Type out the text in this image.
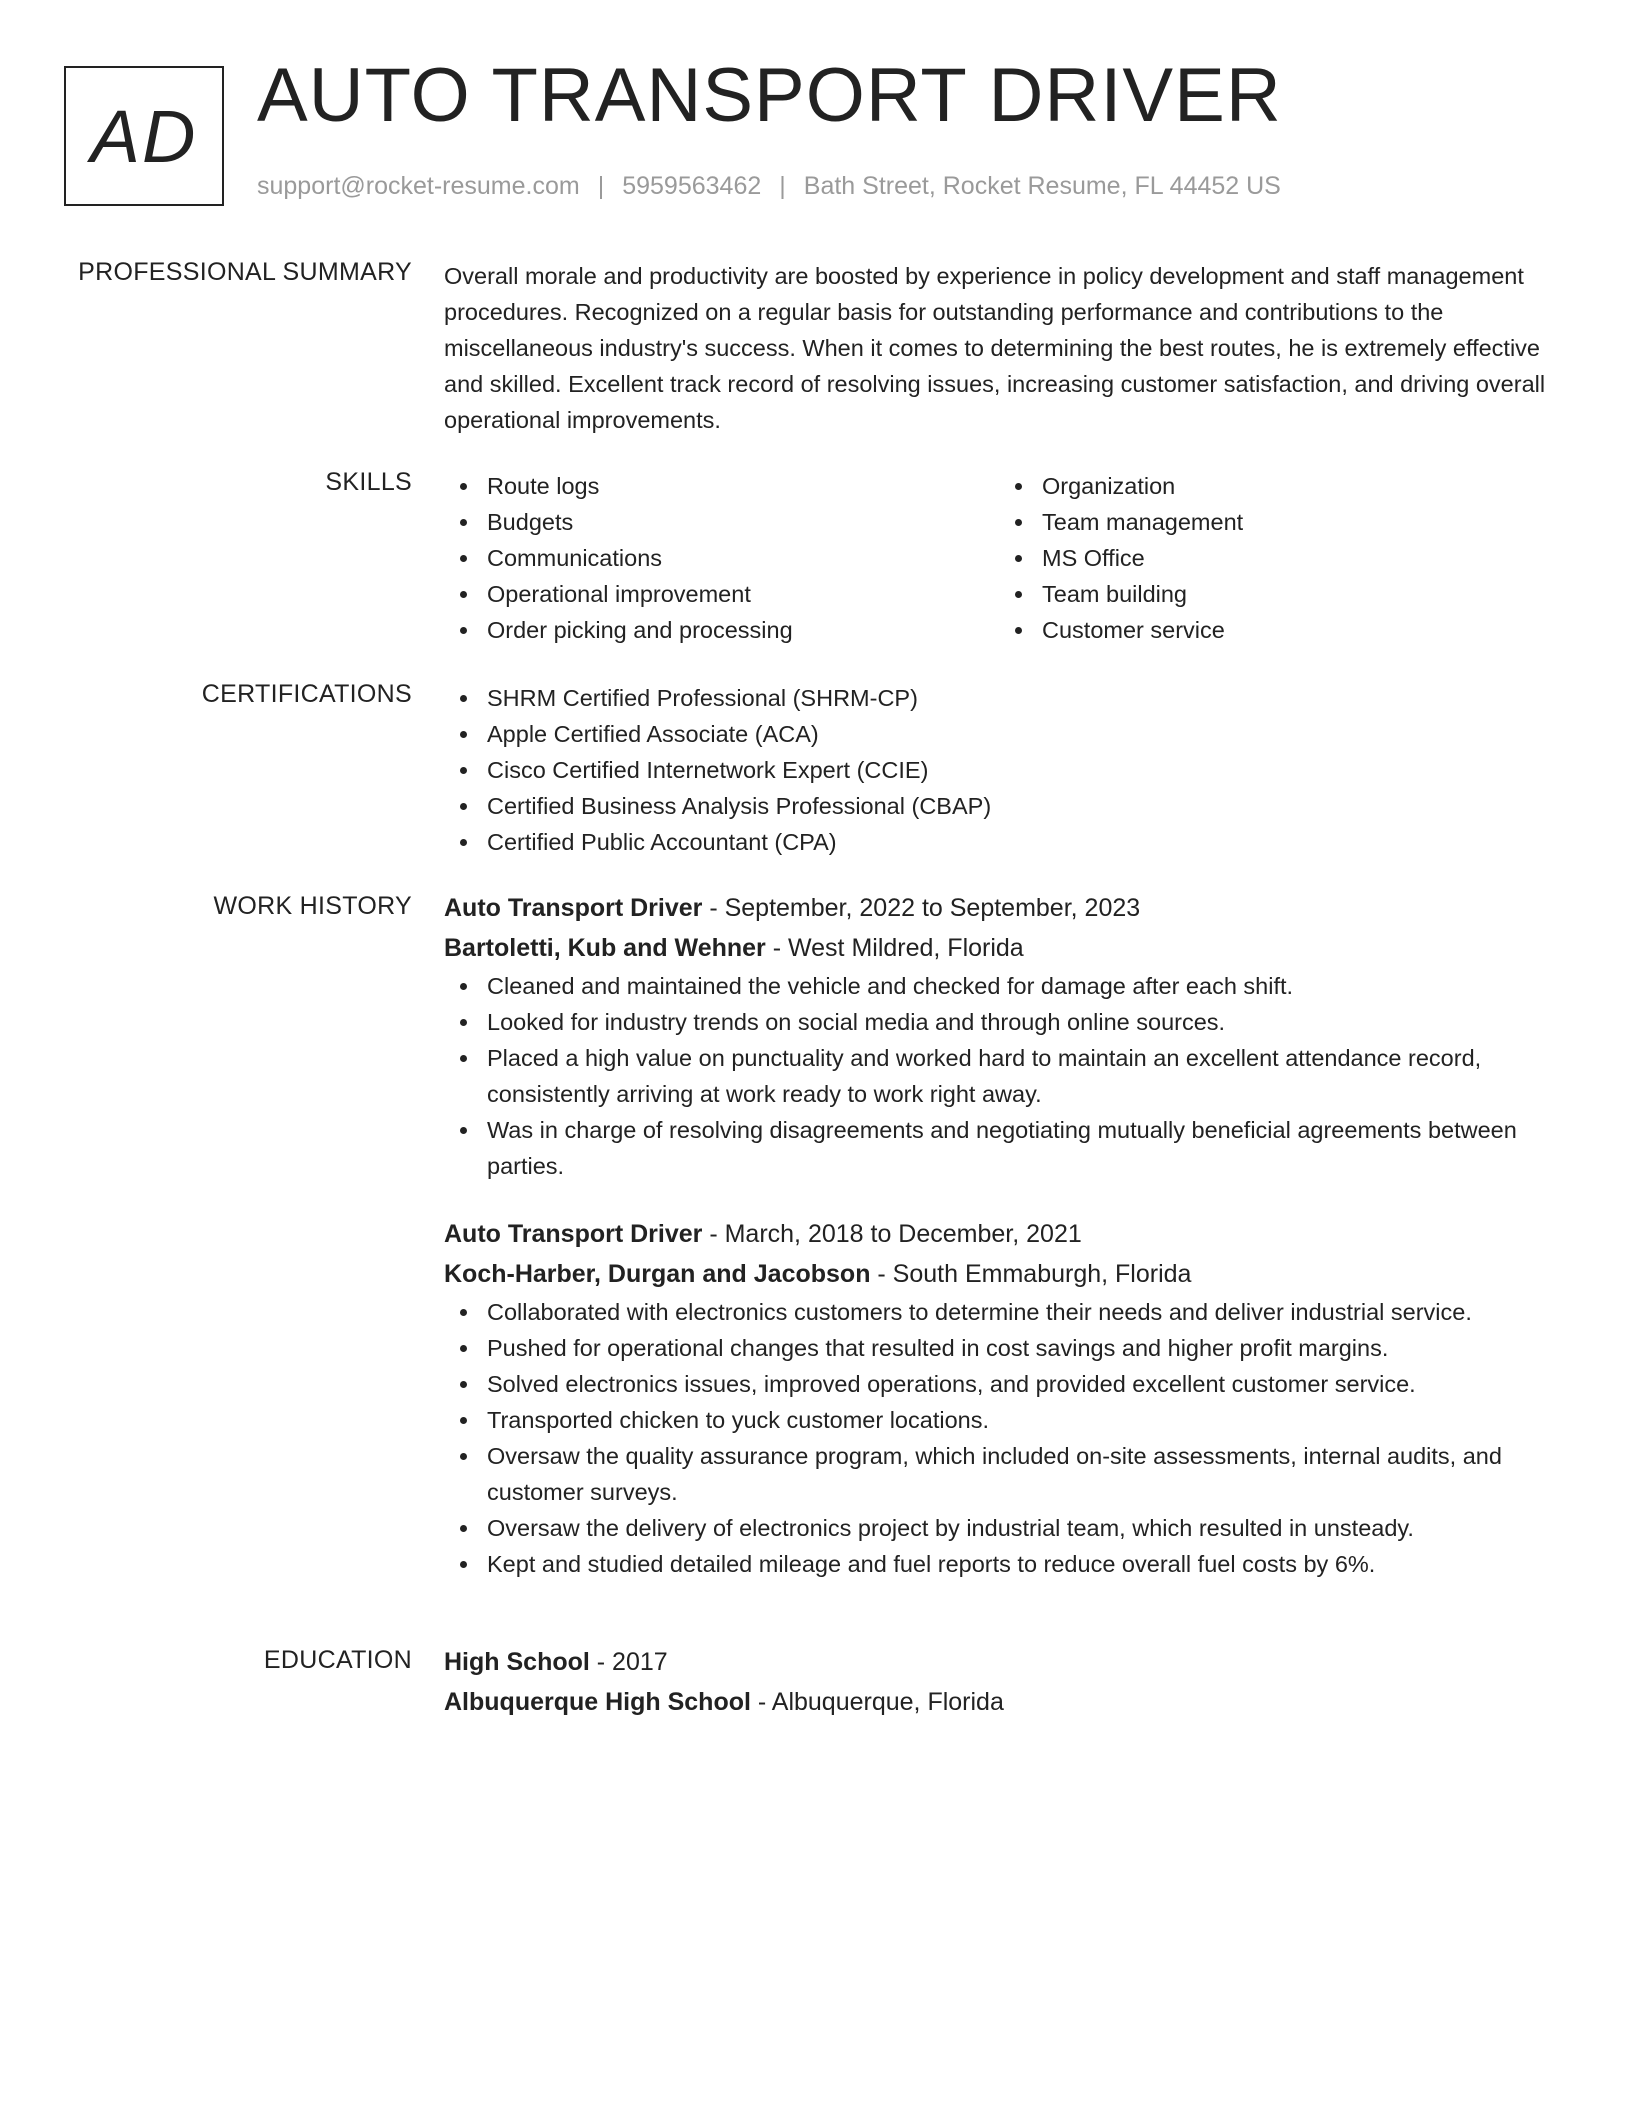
AD AUTO TRANSPORT DRIVER
support@rocket-resume.com | 5959563462 | Bath Street, Rocket Resume, FL 44452 US
PROFESSIONAL SUMMARY Overall morale and productivity are boosted by experience in policy development and staff management procedures. Recognized on a regular basis for outstanding performance and contributions to the miscellaneous industry's success. When it comes to determining the best routes, he is extremely effective and skilled. Excellent track record of resolving issues, increasing customer satisfaction, and driving overall operational improvements.

SKILLS	Route logs
Budgets
Communications
Operational improvement
Order picking and processing
Organization
Team management
MS Office
Team building
Customer service
CERTIFICATIONS	SHRM Certified Professional (SHRM-CP)
Apple Certified Associate (ACA)
Cisco Certified Internetwork Expert (CCIE)
Certified Business Analysis Professional (CBAP)
Certified Public Accountant (CPA)
WORK HISTORY Auto Transport Driver - September, 2022 to September, 2023
Bartoletti, Kub and Wehner - West Mildred, Florida
Cleaned and maintained the vehicle and checked for damage after each shift.
Looked for industry trends on social media and through online sources.
Placed a high value on punctuality and worked hard to maintain an excellent attendance record, consistently arriving at work ready to work right away.
Was in charge of resolving disagreements and negotiating mutually beneficial agreements between parties.
Auto Transport Driver - March, 2018 to December, 2021
Koch-Harber, Durgan and Jacobson - South Emmaburgh, Florida
Collaborated with electronics customers to determine their needs and deliver industrial service.
Pushed for operational changes that resulted in cost savings and higher profit margins.
Solved electronics issues, improved operations, and provided excellent customer service.
Transported chicken to yuck customer locations.
Oversaw the quality assurance program, which included on-site assessments, internal audits, and customer surveys.
Oversaw the delivery of electronics project by industrial team, which resulted in unsteady.
Kept and studied detailed mileage and fuel reports to reduce overall fuel costs by 6%.
EDUCATION High School - 2017
Albuquerque High School - Albuquerque, Florida
